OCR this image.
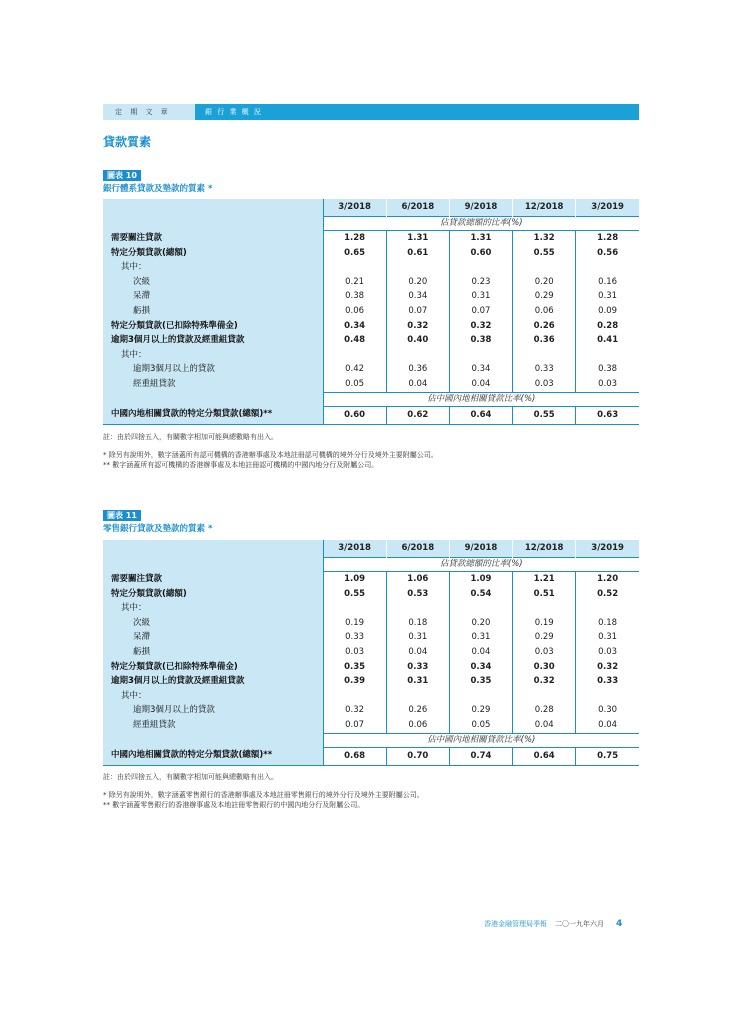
定 期 文 章	銀 行 業 概 況
貸款質素
圖表 10
銀行體系貸款及墊款的質素 *
	3/2018	6/2018	9/2018	12/2018	3/2019
	佔貸款總額的比率(%)				
需要關注貸款	1.28	1.31	1.31	1.32	1.28
特定分類貸款(總額)	0.65	0.61	0.60	0.55	0.56
其中：					
次級	0.21	0.20	0.23	0.20	0.16
呆滯	0.38	0.34	0.31	0.29	0.31
虧損	0.06	0.07	0.07	0.06	0.09
特定分類貸款(已扣除特殊準備金)	0.34	0.32	0.32	0.26	0.28
逾期3個月以上的貸款及經重組貸款	0.48	0.40	0.38	0.36	0.41
其中：					
逾期3個月以上的貸款	0.42	0.36	0.34	0.33	0.38
經重組貸款	0.05	0.04	0.04	0.03	0.03
	佔中國內地相關貸款比率(%)				
中國內地相關貸款的特定分類貸款(總額)**	0.60	0.62	0.64	0.55	0.63

註：由於四捨五入，有關數字相加可能與總數略有出入。

* 除另有說明外，數字涵蓋所有認可機構的香港辦事處及本地註冊認可機構的境外分行及境外主要附屬公司。

** 數字涵蓋所有認可機構的香港辦事處及本地註冊認可機構的中國內地分行及附屬公司。

圖表 11
零售銀行貸款及墊款的質素 *
	3/2018	6/2018	9/2018	12/2018	3/2019
	佔貸款總額的比率(%)				
需要關注貸款	1.09	1.06	1.09	1.21	1.20
特定分類貸款(總額)	0.55	0.53	0.54	0.51	0.52
其中：					
次級	0.19	0.18	0.20	0.19	0.18
呆滯	0.33	0.31	0.31	0.29	0.31
虧損	0.03	0.04	0.04	0.03	0.03
特定分類貸款(已扣除特殊準備金)	0.35	0.33	0.34	0.30	0.32
逾期3個月以上的貸款及經重組貸款	0.39	0.31	0.35	0.32	0.33
其中：					
逾期3個月以上的貸款	0.32	0.26	0.29	0.28	0.30
經重組貸款	0.07	0.06	0.05	0.04	0.04
	佔中國內地相關貸款比率(%)				
中國內地相關貸款的特定分類貸款(總額)**	0.68	0.70	0.74	0.64	0.75

註：由於四捨五入，有關數字相加可能與總數略有出入。

* 除另有說明外，數字涵蓋零售銀行的香港辦事處及本地註冊零售銀行的境外分行及境外主要附屬公司。

** 數字涵蓋零售銀行的香港辦事處及本地註冊零售銀行的中國內地分行及附屬公司。

香港金融管理局季報 二〇一九年六月 4
